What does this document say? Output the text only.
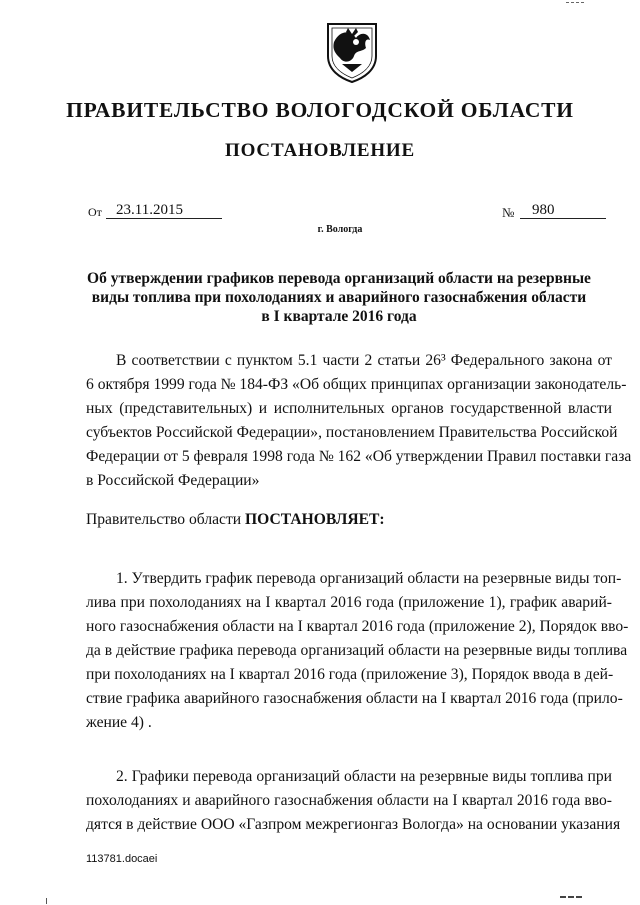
ПРАВИТЕЛЬСТВО ВОЛОГОДСКОЙ ОБЛАСТИ
ПОСТАНОВЛЕНИЕ
От 23.11.2015	№ 980
г. Вологда
Об утверждении графиков перевода организаций области на резервные
виды топлива при похолоданиях и аварийного газоснабжения области
в I квартале 2016 года
В соответствии с пунктом 5.1 части 2 статьи 26³ Федерального закона от
6 октября 1999 года № 184-ФЗ «Об общих принципах организации законодатель-
ных (представительных) и исполнительных органов государственной власти
субъектов Российской Федерации», постановлением Правительства Российской
Федерации от 5 февраля 1998 года № 162 «Об утверждении Правил поставки газа
в Российской Федерации»
Правительство области ПОСТАНОВЛЯЕТ:
1. Утвердить график перевода организаций области на резервные виды топ-
лива при похолоданиях на I квартал 2016 года (приложение 1), график аварий-
ного газоснабжения области на I квартал 2016 года (приложение 2), Порядок вво-
да в действие графика перевода организаций области на резервные виды топлива
при похолоданиях на I квартал 2016 года (приложение 3), Порядок ввода в дей-
ствие графика аварийного газоснабжения области на I квартал 2016 года (прило-
жение 4) .
2. Графики перевода организаций области на резервные виды топлива при
похолоданиях и аварийного газоснабжения области на I квартал 2016 года вво-
дятся в действие ООО «Газпром межрегионгаз Вологда» на основании указания
113781.docaei
